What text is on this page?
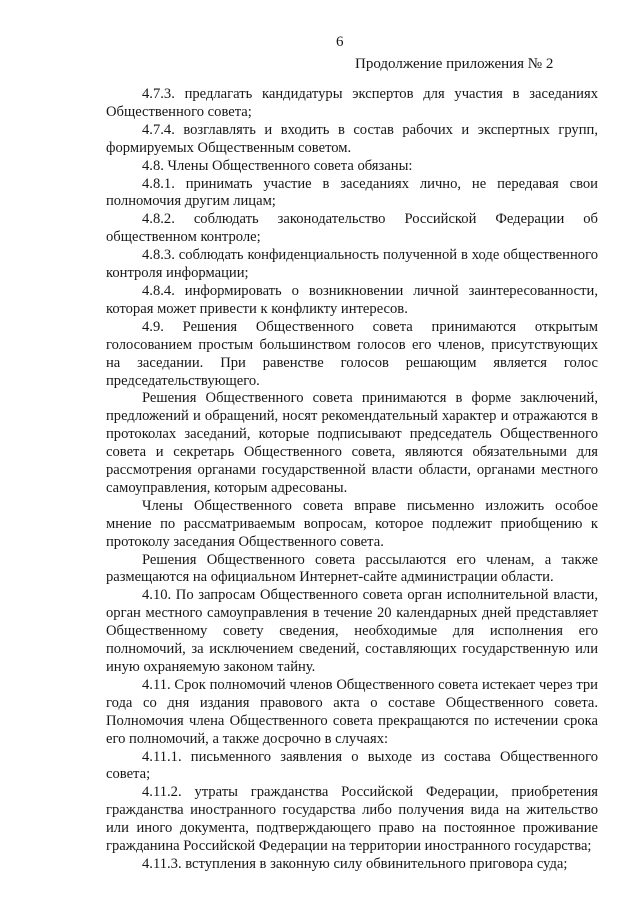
6
Продолжение приложения № 2

4.7.3. предлагать кандидатуры экспертов для участия в заседаниях Общественного совета;

4.7.4. возглавлять и входить в состав рабочих и экспертных групп, формируемых Общественным советом.

4.8. Члены Общественного совета обязаны:

4.8.1. принимать участие в заседаниях лично, не передавая свои полномочия другим лицам;

4.8.2. соблюдать законодательство Российской Федерации об общественном контроле;

4.8.3. соблюдать конфиденциальность полученной в ходе общественного контроля информации;

4.8.4. информировать о возникновении личной заинтересованности, которая может привести к конфликту интересов.

4.9. Решения Общественного совета принимаются открытым голосованием простым большинством голосов его членов, присутствующих на заседании. При равенстве голосов решающим является голос председательствующего.

Решения Общественного совета принимаются в форме заключений, предложений и обращений, носят рекомендательный характер и отражаются в протоколах заседаний, которые подписывают председатель Общественного совета и секретарь Общественного совета, являются обязательными для рассмотрения органами государственной власти области, органами местного самоуправления, которым адресованы.

Члены Общественного совета вправе письменно изложить особое мнение по рассматриваемым вопросам, которое подлежит приобщению к протоколу заседания Общественного совета.

Решения Общественного совета рассылаются его членам, а также размещаются на официальном Интернет-сайте администрации области.

4.10. По запросам Общественного совета орган исполнительной власти, орган местного самоуправления в течение 20 календарных дней представляет Общественному совету сведения, необходимые для исполнения его полномочий, за исключением сведений, составляющих государственную или иную охраняемую законом тайну.

4.11. Срок полномочий членов Общественного совета истекает через три года со дня издания правового акта о составе Общественного совета. Полномочия члена Общественного совета прекращаются по истечении срока его полномочий, а также досрочно в случаях:

4.11.1. письменного заявления о выходе из состава Общественного совета;

4.11.2. утраты гражданства Российской Федерации, приобретения гражданства иностранного государства либо получения вида на жительство или иного документа, подтверждающего право на постоянное проживание гражданина Российской Федерации на территории иностранного государства;

4.11.3. вступления в законную силу обвинительного приговора суда;
